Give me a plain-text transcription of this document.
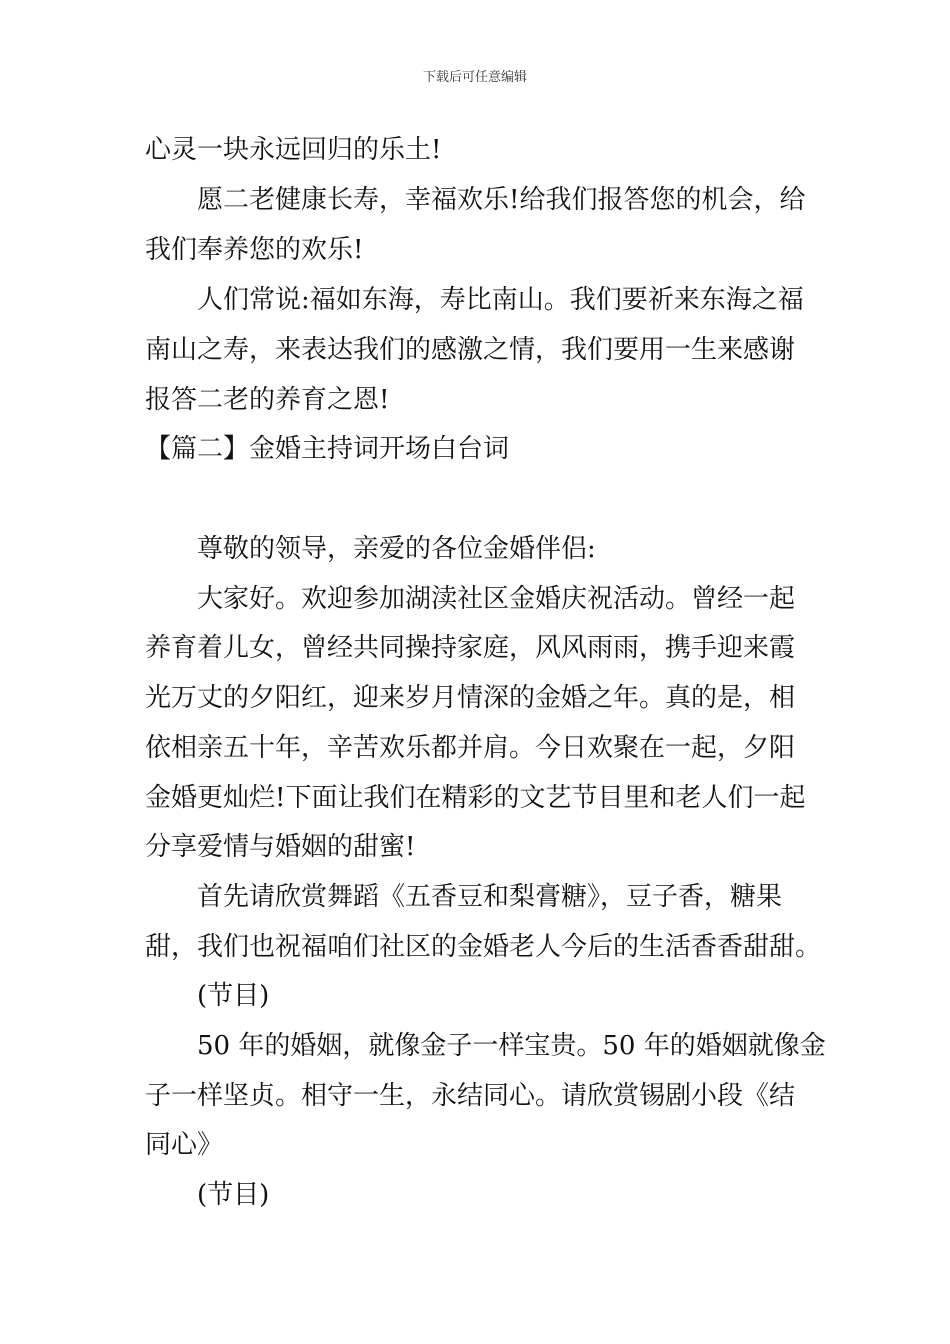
下载后可任意编辑
心灵一块永远回归的乐土!
愿二老健康长寿，幸福欢乐!给我们报答您的机会，给
我们奉养您的欢乐!
人们常说:福如东海，寿比南山。我们要祈来东海之福
南山之寿，来表达我们的感激之情，我们要用一生来感谢
报答二老的养育之恩!
【篇二】金婚主持词开场白台词
尊敬的领导，亲爱的各位金婚伴侣:
大家好。欢迎参加湖渎社区金婚庆祝活动。曾经一起
养育着儿女，曾经共同操持家庭，风风雨雨，携手迎来霞
光万丈的夕阳红，迎来岁月情深的金婚之年。真的是，相
依相亲五十年，辛苦欢乐都并肩。今日欢聚在一起，夕阳
金婚更灿烂!下面让我们在精彩的文艺节目里和老人们一起
分享爱情与婚姻的甜蜜!
首先请欣赏舞蹈《五香豆和梨膏糖》，豆子香，糖果
甜，我们也祝福咱们社区的金婚老人今后的生活香香甜甜。
(节目)
50 年的婚姻，就像金子一样宝贵。50 年的婚姻就像金
子一样坚贞。相守一生，永结同心。请欣赏锡剧小段《结
同心》
(节目)
